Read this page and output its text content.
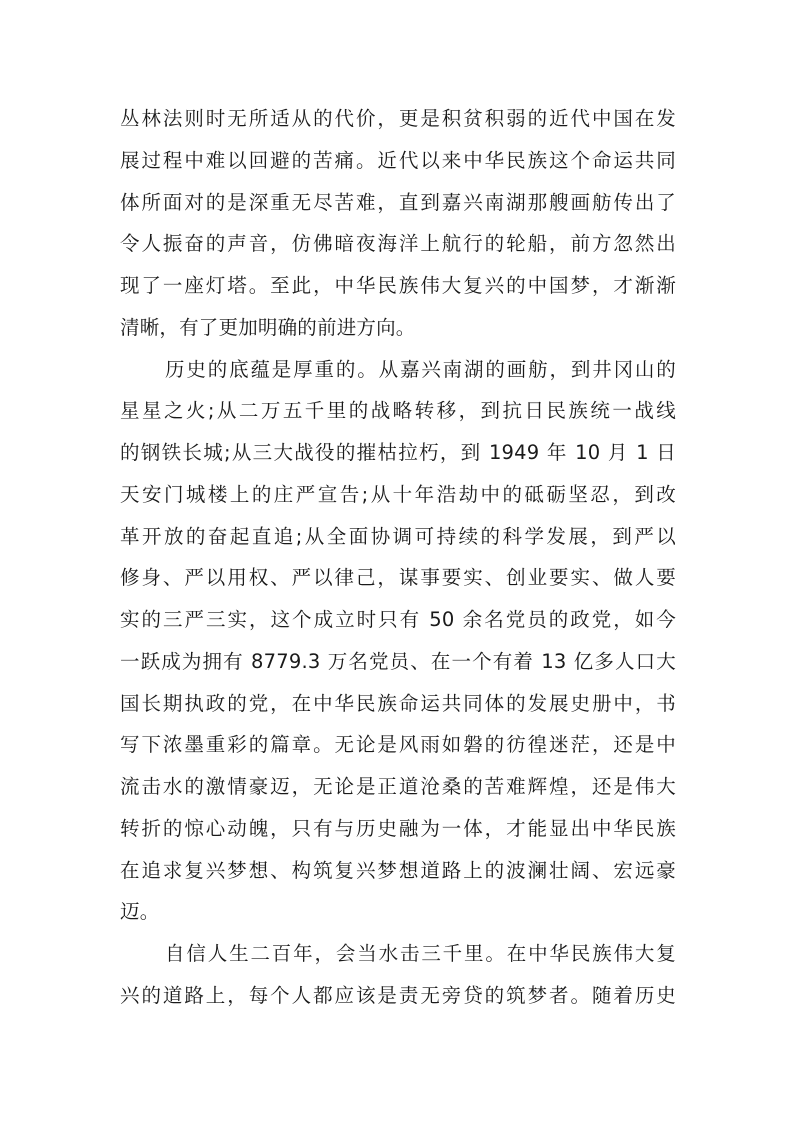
丛林法则时无所适从的代价，更是积贫积弱的近代中国在发
展过程中难以回避的苦痛。近代以来中华民族这个命运共同
体所面对的是深重无尽苦难，直到嘉兴南湖那艘画舫传出了
令人振奋的声音，仿佛暗夜海洋上航行的轮船，前方忽然出
现了一座灯塔。至此，中华民族伟大复兴的中国梦，才渐渐
清晰，有了更加明确的前进方向。
历史的底蕴是厚重的。从嘉兴南湖的画舫，到井冈山的
星星之火;从二万五千里的战略转移，到抗日民族统一战线
的钢铁长城;从三大战役的摧枯拉朽，到 1949 年 10 月 1 日
天安门城楼上的庄严宣告;从十年浩劫中的砥砺坚忍，到改
革开放的奋起直追;从全面协调可持续的科学发展，到严以
修身、严以用权、严以律己，谋事要实、创业要实、做人要
实的三严三实，这个成立时只有 50 余名党员的政党，如今
一跃成为拥有 8779.3 万名党员、在一个有着 13 亿多人口大
国长期执政的党，在中华民族命运共同体的发展史册中，书
写下浓墨重彩的篇章。无论是风雨如磐的彷徨迷茫，还是中
流击水的激情豪迈，无论是正道沧桑的苦难辉煌，还是伟大
转折的惊心动魄，只有与历史融为一体，才能显出中华民族
在追求复兴梦想、构筑复兴梦想道路上的波澜壮阔、宏远豪
迈。
自信人生二百年，会当水击三千里。在中华民族伟大复
兴的道路上，每个人都应该是责无旁贷的筑梦者。随着历史
